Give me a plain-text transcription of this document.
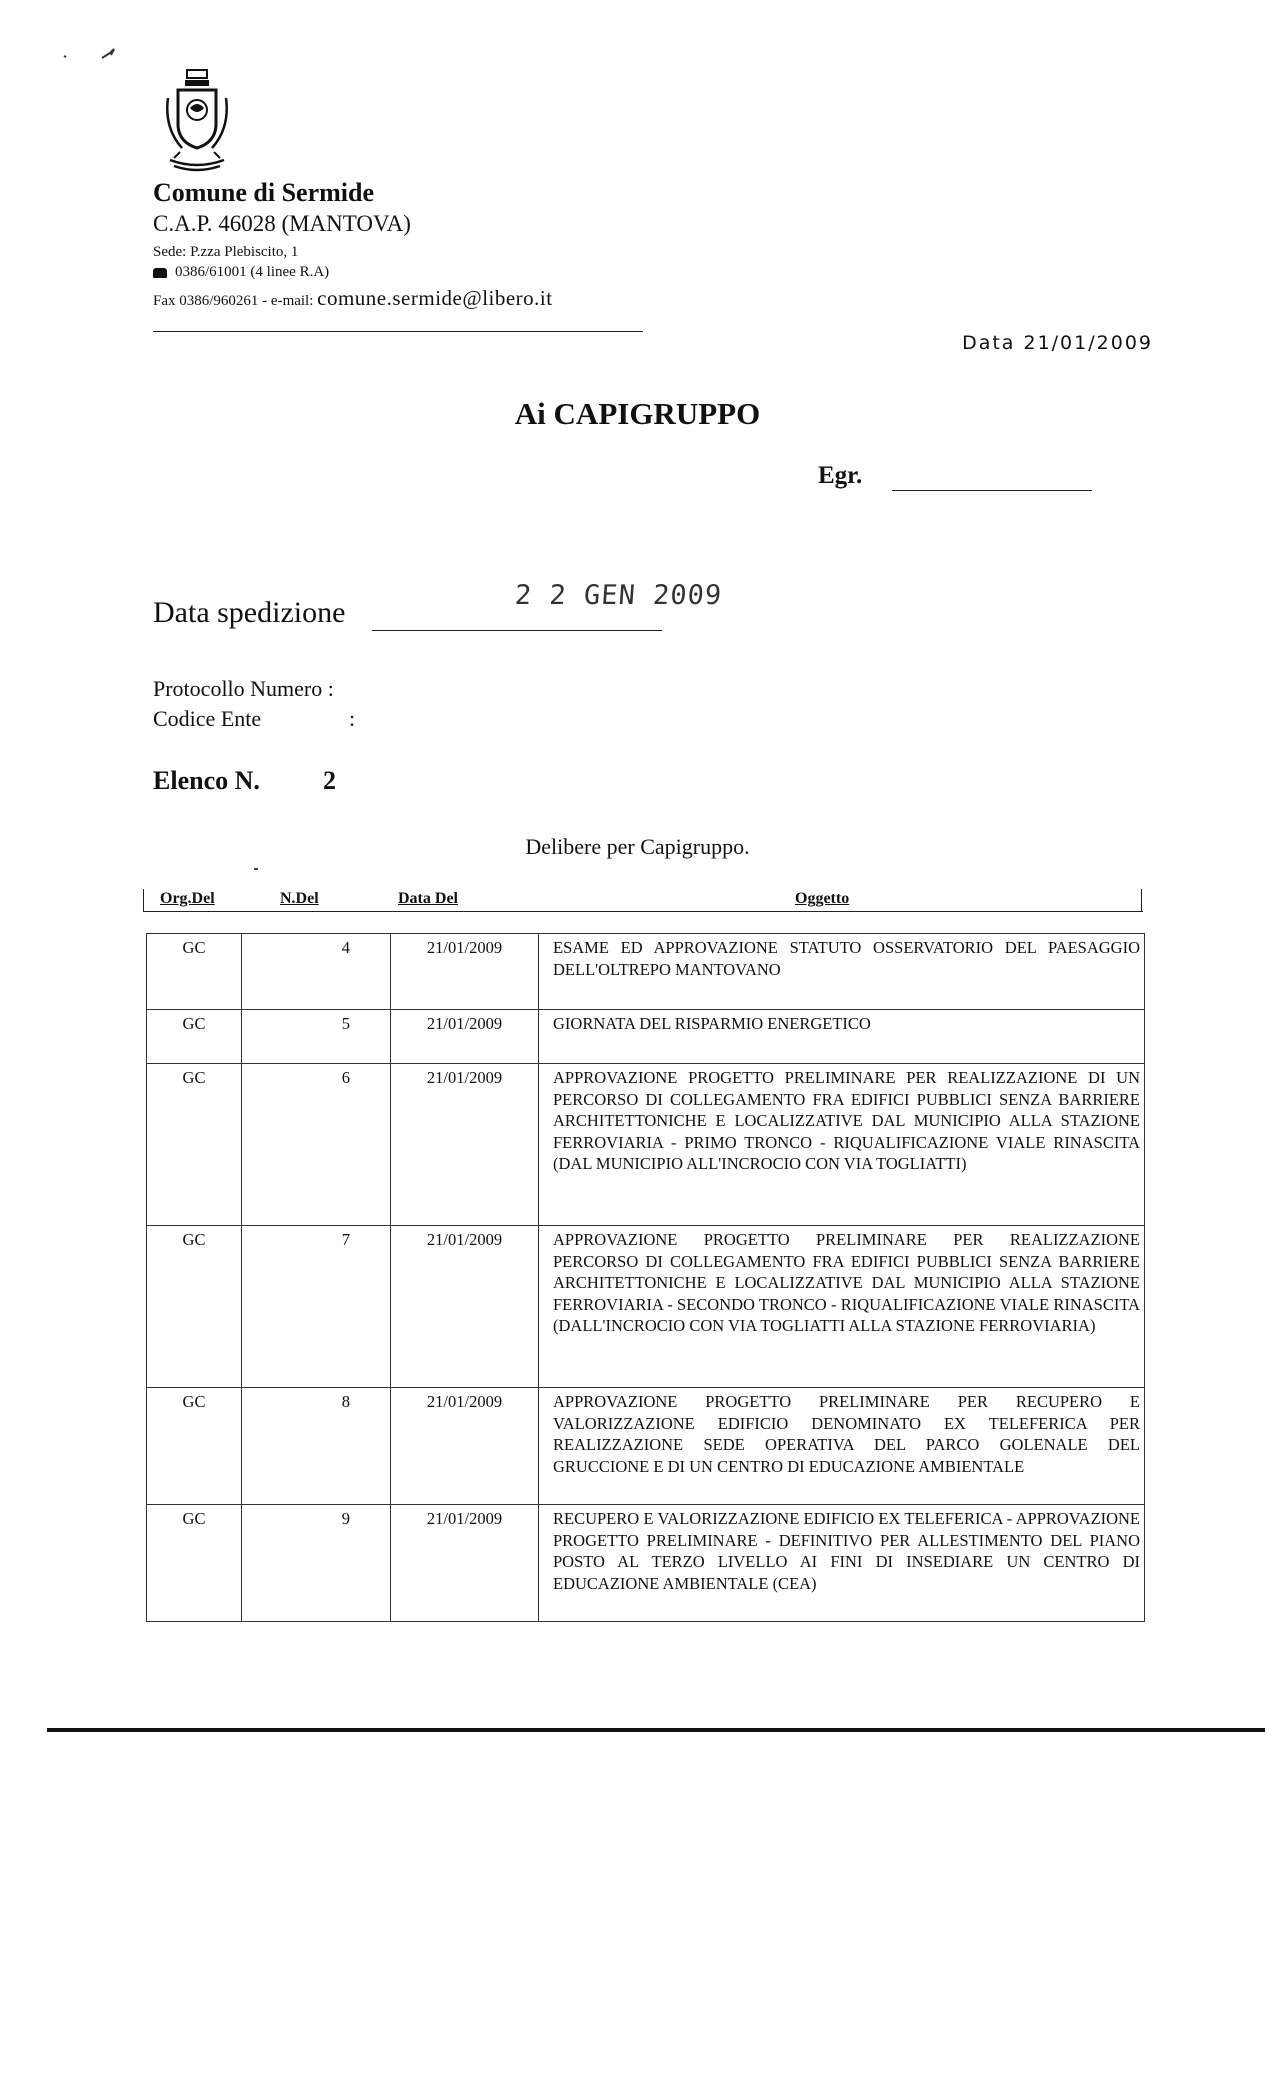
Comune di Sermide
C.A.P. 46028 (MANTOVA)
Sede: P.zza Plebiscito, 1
0386/61001 (4 linee R.A)
Fax 0386/960261 - e-mail: comune.sermide@libero.it
Data 21/01/2009
Ai CAPIGRUPPO
Egr.
Data spedizione
2 2 GEN 2009
Protocollo Numero :
Codice Ente	:
Elenco N. 2
Delibere per Capigruppo.
Org.Del	N.Del	Data Del	Oggetto
GC	4	21/01/2009	ESAME ED APPROVAZIONE STATUTO OSSERVATORIO DEL PAESAGGIO DELL'OLTREPO MANTOVANO
GC	5	21/01/2009	GIORNATA DEL RISPARMIO ENERGETICO
GC	6	21/01/2009	APPROVAZIONE PROGETTO PRELIMINARE PER REALIZZAZIONE DI UN PERCORSO DI COLLEGAMENTO FRA EDIFICI PUBBLICI SENZA BARRIERE ARCHITETTONICHE E LOCALIZZATIVE DAL MUNICIPIO ALLA STAZIONE FERROVIARIA - PRIMO TRONCO - RIQUALIFICAZIONE VIALE RINASCITA (DAL MUNICIPIO ALL'INCROCIO CON VIA TOGLIATTI)
GC	7	21/01/2009	APPROVAZIONE PROGETTO PRELIMINARE PER REALIZZAZIONE PERCORSO DI COLLEGAMENTO FRA EDIFICI PUBBLICI SENZA BARRIERE ARCHITETTONICHE E LOCALIZZATIVE DAL MUNICIPIO ALLA STAZIONE FERROVIARIA - SECONDO TRONCO - RIQUALIFICAZIONE VIALE RINASCITA (DALL'INCROCIO CON VIA TOGLIATTI ALLA STAZIONE FERROVIARIA)
GC	8	21/01/2009	APPROVAZIONE PROGETTO PRELIMINARE PER RECUPERO E VALORIZZAZIONE EDIFICIO DENOMINATO EX TELEFERICA PER REALIZZAZIONE SEDE OPERATIVA DEL PARCO GOLENALE DEL GRUCCIONE E DI UN CENTRO DI EDUCAZIONE AMBIENTALE
GC	9	21/01/2009	RECUPERO E VALORIZZAZIONE EDIFICIO EX TELEFERICA - APPROVAZIONE PROGETTO PRELIMINARE - DEFINITIVO PER ALLESTIMENTO DEL PIANO POSTO AL TERZO LIVELLO AI FINI DI INSEDIARE UN CENTRO DI EDUCAZIONE AMBIENTALE (CEA)
